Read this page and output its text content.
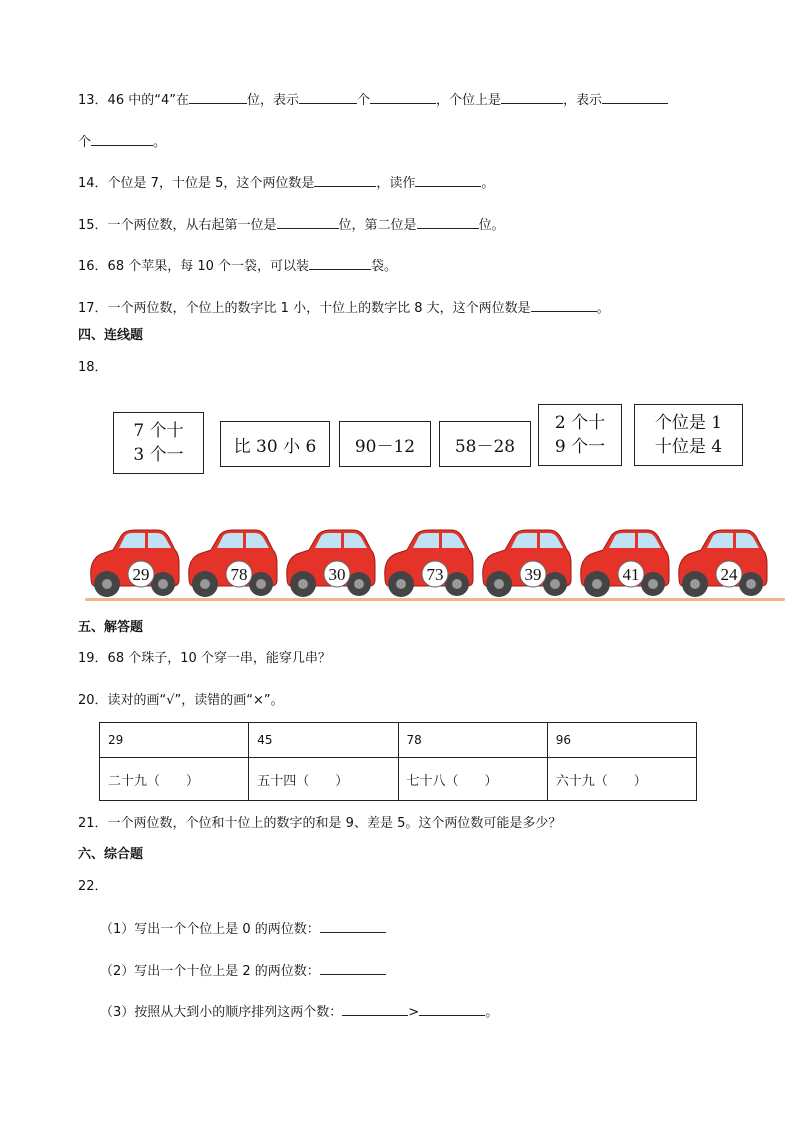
13．46 中的“4”在	位，表示	个	，个位上是	，表示
个	。
14．个位是 7，十位是 5，这个两位数是	，读作	。
15．一个两位数，从右起第一位是	位，第二位是	位。
16．68 个苹果，每 10 个一袋，可以装	袋。
17．一个两位数，个位上的数字比 1 小，十位上的数字比 8 大，这个两位数是	。
四、连线题
18．
7 个十
3 个一	比 30 小 6 90－12 58－28
2 个十
9 个一
个位是 1
十位是 4
29	78	30	73	39	41	24
五、解答题
19．68 个珠子，10 个穿一串，能穿几串？
20．读对的画“√”，读错的画“×”。
29	45	78	96
二十九（　　）	五十四（　　）	七十八（　　）	六十九（　　）
21．一个两位数，个位和十位上的数字的和是 9、差是 5。这个两位数可能是多少？
六、综合题
22．
（1）写出一个个位上是 0 的两位数：
（2）写出一个十位上是 2 的两位数：
（3）按照从大到小的顺序排列这两个数：	>	。
